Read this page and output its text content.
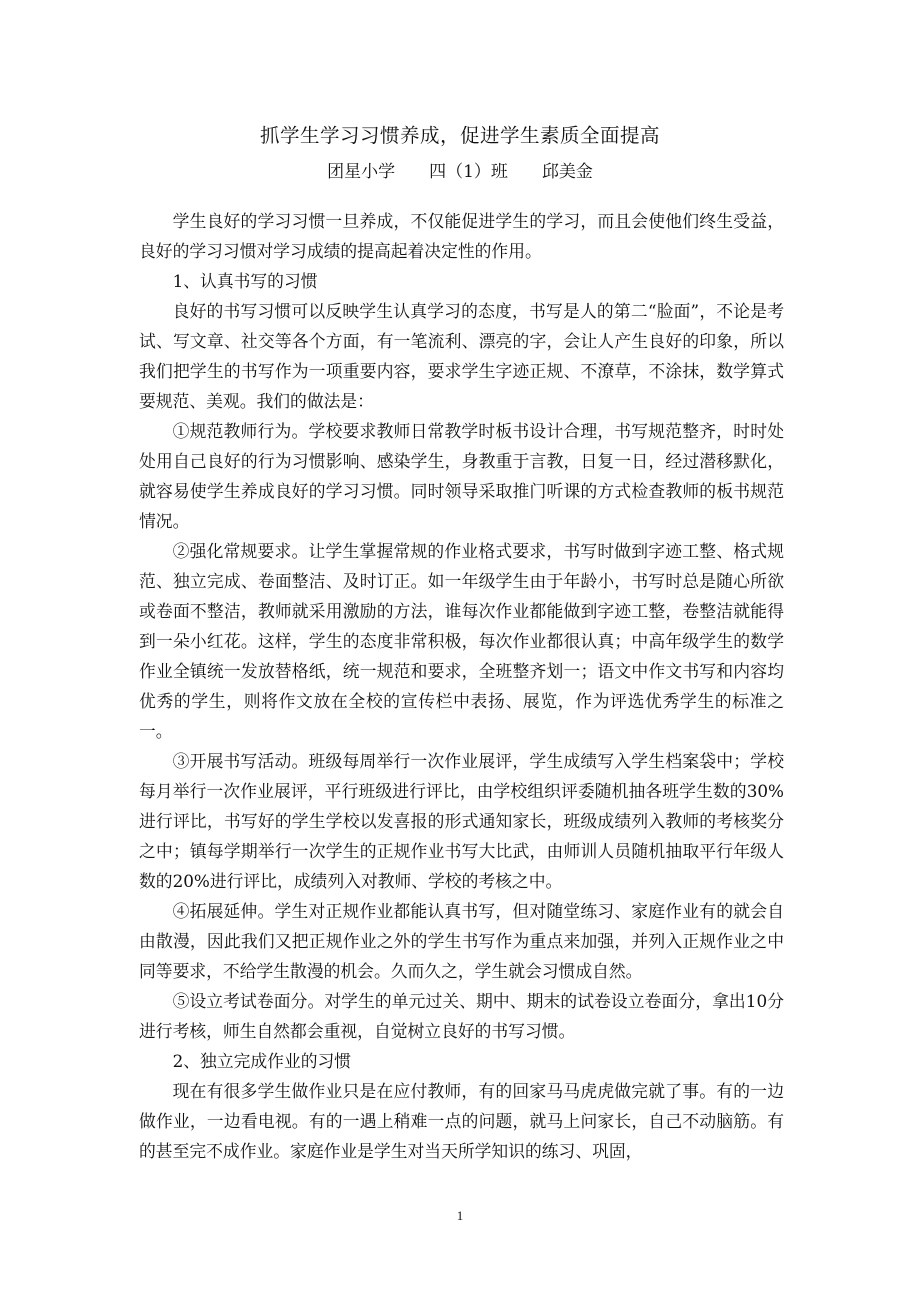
抓学生学习习惯养成，促进学生素质全面提高
团星小学 四（1）班 邱美金

学生良好的学习习惯一旦养成，不仅能促进学生的学习，而且会使他们终生受益，良好的学习习惯对学习成绩的提高起着决定性的作用。

1、认真书写的习惯

良好的书写习惯可以反映学生认真学习的态度，书写是人的第二“脸面”，不论是考试、写文章、社交等各个方面，有一笔流利、漂亮的字，会让人产生良好的印象，所以我们把学生的书写作为一项重要内容，要求学生字迹正规、不潦草，不涂抹，数学算式要规范、美观。我们的做法是：

①规范教师行为。学校要求教师日常教学时板书设计合理，书写规范整齐，时时处处用自己良好的行为习惯影响、感染学生，身教重于言教，日复一日，经过潜移默化，就容易使学生养成良好的学习习惯。同时领导采取推门听课的方式检查教师的板书规范情况。

②强化常规要求。让学生掌握常规的作业格式要求，书写时做到字迹工整、格式规范、独立完成、卷面整洁、及时订正。如一年级学生由于年龄小，书写时总是随心所欲或卷面不整洁，教师就采用激励的方法，谁每次作业都能做到字迹工整，卷整洁就能得到一朵小红花。这样，学生的态度非常积极，每次作业都很认真；中高年级学生的数学作业全镇统一发放替格纸，统一规范和要求，全班整齐划一；语文中作文书写和内容均优秀的学生，则将作文放在全校的宣传栏中表扬、展览，作为评选优秀学生的标准之一。

③开展书写活动。班级每周举行一次作业展评，学生成绩写入学生档案袋中；学校每月举行一次作业展评，平行班级进行评比，由学校组织评委随机抽各班学生数的30%进行评比，书写好的学生学校以发喜报的形式通知家长，班级成绩列入教师的考核奖分之中；镇每学期举行一次学生的正规作业书写大比武，由师训人员随机抽取平行年级人数的20%进行评比，成绩列入对教师、学校的考核之中。

④拓展延伸。学生对正规作业都能认真书写，但对随堂练习、家庭作业有的就会自由散漫，因此我们又把正规作业之外的学生书写作为重点来加强，并列入正规作业之中同等要求，不给学生散漫的机会。久而久之，学生就会习惯成自然。

⑤设立考试卷面分。对学生的单元过关、期中、期末的试卷设立卷面分，拿出10分进行考核，师生自然都会重视，自觉树立良好的书写习惯。

2、独立完成作业的习惯

现在有很多学生做作业只是在应付教师，有的回家马马虎虎做完就了事。有的一边做作业，一边看电视。有的一遇上稍难一点的问题，就马上问家长，自己不动脑筋。有的甚至完不成作业。家庭作业是学生对当天所学知识的练习、巩固，

1
